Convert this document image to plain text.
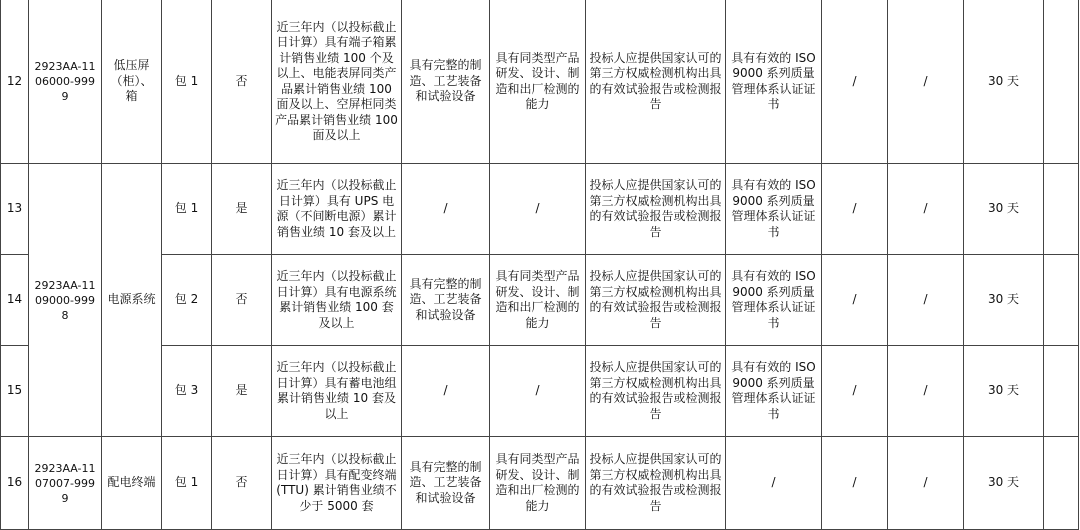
12	2923AA-1106000-9999	低压屏（柜）、箱	包 1	否	近三年内（以投标截止日计算）具有端子箱累计销售业绩 100 个及以上、电能表屏同类产品累计销售业绩 100 面及以上、空屏柜同类产品累计销售业绩 100 面及以上	具有完整的制造、工艺装备和试验设备	具有同类型产品研发、设计、制造和出厂检测的能力	投标人应提供国家认可的第三方权威检测机构出具的有效试验报告或检测报告	具有有效的 ISO9000 系列质量管理体系认证证书	/	/	30 天	
13	2923AA-1109000-9998	电源系统	包 1	是	近三年内（以投标截止日计算）具有 UPS 电源（不间断电源）累计销售业绩 10 套及以上	/	/	投标人应提供国家认可的第三方权威检测机构出具的有效试验报告或检测报告	具有有效的 ISO9000 系列质量管理体系认证证书	/	/	30 天	
14			包 2	否	近三年内（以投标截止日计算）具有电源系统累计销售业绩 100 套及以上	具有完整的制造、工艺装备和试验设备	具有同类型产品研发、设计、制造和出厂检测的能力	投标人应提供国家认可的第三方权威检测机构出具的有效试验报告或检测报告	具有有效的 ISO9000 系列质量管理体系认证证书	/	/	30 天	
15			包 3	是	近三年内（以投标截止日计算）具有蓄电池组累计销售业绩 10 套及以上	/	/	投标人应提供国家认可的第三方权威检测机构出具的有效试验报告或检测报告	具有有效的 ISO9000 系列质量管理体系认证证书	/	/	30 天	
16	2923AA-1107007-9999	配电终端	包 1	否	近三年内（以投标截止日计算）具有配变终端(TTU) 累计销售业绩不少于 5000 套	具有完整的制造、工艺装备和试验设备	具有同类型产品研发、设计、制造和出厂检测的能力	投标人应提供国家认可的第三方权威检测机构出具的有效试验报告或检测报告	/	/	/	30 天	
